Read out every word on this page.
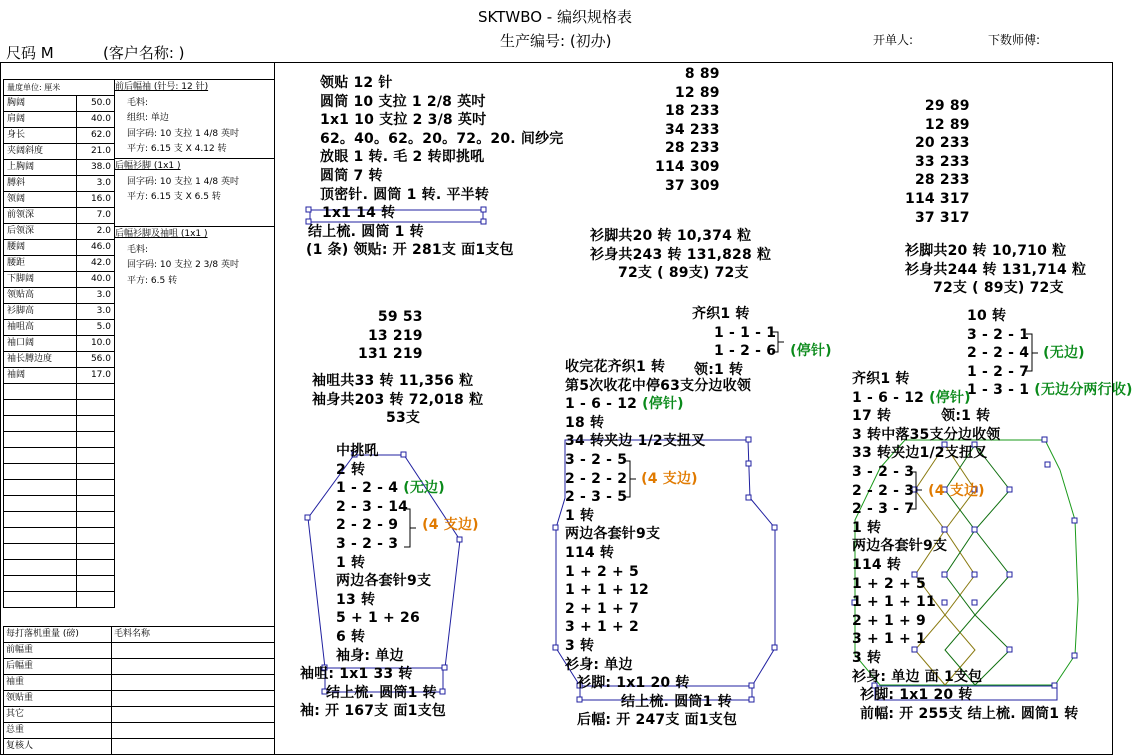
SKTWBO - 编织规格表
生产编号: (初办)
尺码 M	(客户名称: )
开单人:	下数师傅:
量度单位: 厘米	
胸阔	50.0
肩阔	40.0
身长	62.0
夹阔斜度	21.0
上胸阔	38.0
膊斜	3.0
领阔	16.0
前领深	7.0
后领深	2.0
腰阔	46.0
腰距	42.0
下脚阔	40.0
领贴高	3.0
衫脚高	3.0
袖咀高	5.0
袖口阔	10.0
袖长膊边度	56.0
袖阔	17.0

前后幅袖 (针号: 12 针)
毛料:
组织: 单边
回字码: 10 支拉 1 4/8 英吋
平方: 6.15 支 X 4.12 转
后幅衫脚 (1x1 )
回字码: 10 支拉 1 4/8 英吋
平方: 6.15 支 X 6.5 转
后幅衫脚及袖咀 (1x1 )
毛料:
回字码: 10 支拉 2 3/8 英吋
平方: 6.5 转
每打落机重量 (磅)	毛料名称
前幅重	
后幅重	
袖重	
领贴重	
其它	
总重	
复核人	
领贴 12 针
圆筒 10 支拉 1 2/8 英吋
1x1 10 支拉 2 3/8 英吋
62。40。62。20。72。20. 间纱完
放眼 1 转. 毛 2 转即挑吼
圆筒 7 转
顶密针. 圆筒 1 转. 平半转
1x1 14 转
结上梳. 圆筒 1 转
(1 条) 领贴: 开 281支 面1支包
8 89
12 89
18 233
34 233
28 233
114 309
37 309
衫脚共20 转 10,374 粒
衫身共243 转 131,828 粒
72支 ( 89支) 72支
29 89
12 89
20 233
33 233
28 233
114 317
37 317
衫脚共20 转 10,710 粒
衫身共244 转 131,714 粒
72支 ( 89支) 72支
59 53
13 219
131 219
袖咀共33 转 11,356 粒
袖身共203 转 72,018 粒
53支
中挑吼
2 转
1 - 2 - 4 (无边)
2 - 3 - 14
2 - 2 - 9 (4 支边)
3 - 2 - 3
1 转
两边各套针9支
13 转
5 + 1 + 26
6 转
袖身: 单边
袖咀: 1x1 33 转
结上梳. 圆筒1 转
袖: 开 167支 面1支包
齐织1 转
1 - 1 - 1
1 - 2 - 6 (停针)
领:1 转
收完花齐织1 转
第5次收花中停63支分边收领
1 - 6 - 12 (停针)
18 转
34 转夹边 1/2支扭叉
3 - 2 - 5
2 - 2 - 2 (4 支边)
2 - 3 - 5
1 转
两边各套针9支
114 转
1 + 2 + 5
1 + 1 + 12
2 + 1 + 7
3 + 1 + 2
3 转
衫身: 单边
衫脚: 1x1 20 转
结上梳. 圆筒1 转
后幅: 开 247支 面1支包
10 转
3 - 2 - 1
2 - 2 - 4 (无边)
1 - 2 - 7
1 - 3 - 1 (无边分两行收)
齐织1 转
1 - 6 - 12 (停针)
17 转	领:1 转
3 转中落35支分边收领
33 转夹边1/2支扭叉
3 - 2 - 3
2 - 2 - 3 (4 支边)
2 - 3 - 7
1 转
两边各套针9支
114 转
1 + 2 + 5
1 + 1 + 11
2 + 1 + 9
3 + 1 + 1
3 转
衫身: 单边 面 1支包
衫脚: 1x1 20 转
前幅: 开 255支 结上梳. 圆筒1 转
